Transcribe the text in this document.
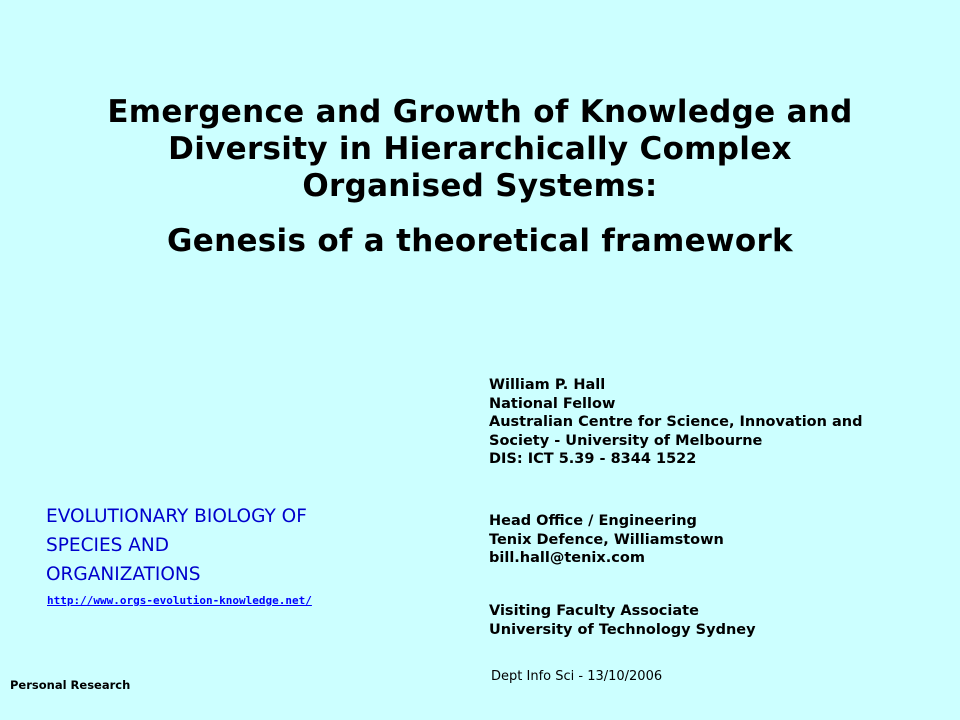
Emergence and Growth of Knowledge and
Diversity in Hierarchically Complex
Organised Systems:
Genesis of a theoretical framework
William P. Hall
National Fellow
Australian Centre for Science, Innovation and
Society - University of Melbourne
DIS: ICT 5.39 - 8344 1522
Head Office / Engineering
Tenix Defence, Williamstown
bill.hall@tenix.com
Visiting Faculty Associate
University of Technology Sydney
Dept Info Sci - 13/10/2006
EVOLUTIONARY BIOLOGY OF
SPECIES AND
ORGANIZATIONS
http://www.orgs-evolution-knowledge.net/
Personal Research
